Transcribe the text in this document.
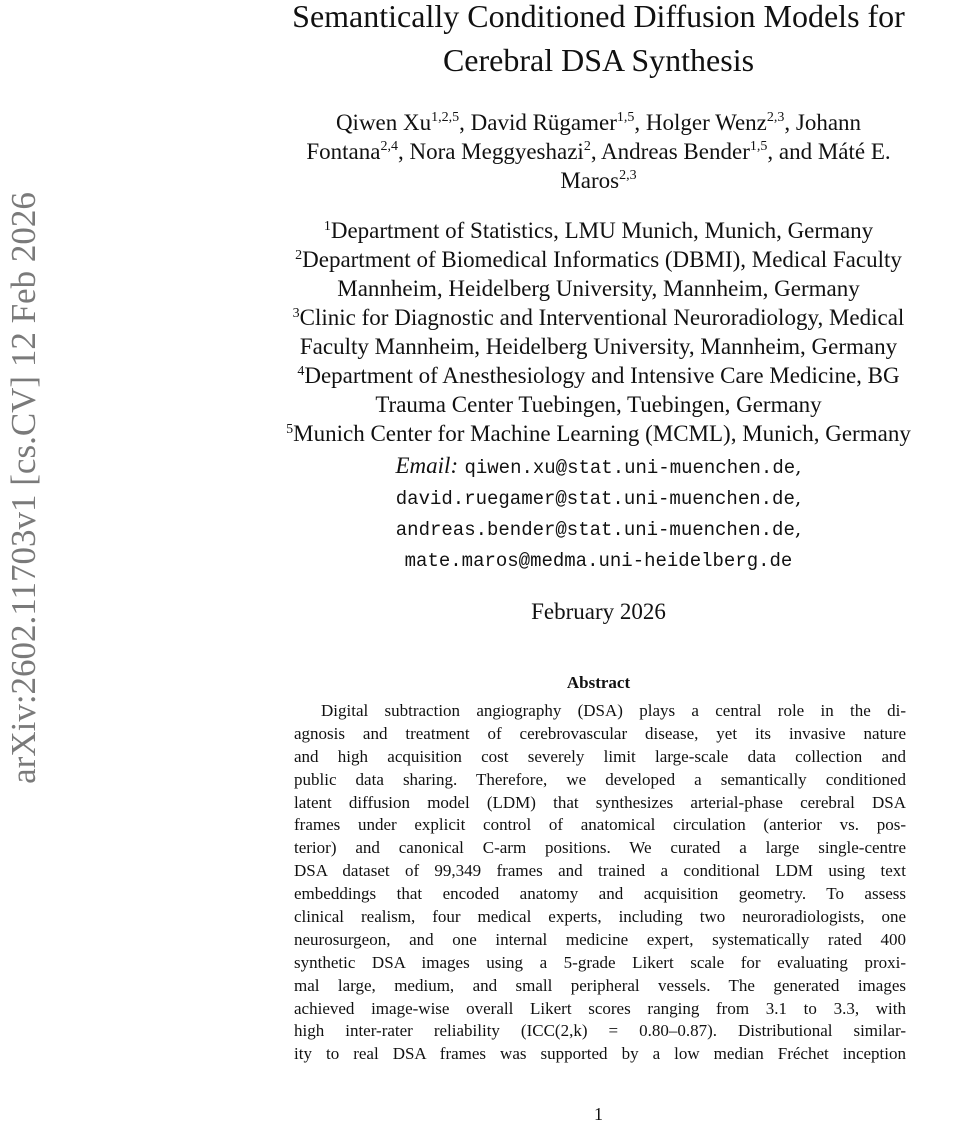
arXiv:2602.11703v1 [cs.CV] 12 Feb 2026
Semantically Conditioned Diffusion Models for
Cerebral DSA Synthesis
Qiwen Xu$^{1,2,5}$, David Rügamer$^{1,5}$, Holger Wenz$^{2,3}$, Johann
Fontana$^{2,4}$, Nora Meggyeshazi$^2$, Andreas Bender$^{1,5}$, and Máté E.
Maros$^{2,3}$
$^1$Department of Statistics, LMU Munich, Munich, Germany
$^2$Department of Biomedical Informatics (DBMI), Medical Faculty
Mannheim, Heidelberg University, Mannheim, Germany
$^3$Clinic for Diagnostic and Interventional Neuroradiology, Medical
Faculty Mannheim, Heidelberg University, Mannheim, Germany
$^4$Department of Anesthesiology and Intensive Care Medicine, BG
Trauma Center Tuebingen, Tuebingen, Germany
$^5$Munich Center for Machine Learning (MCML), Munich, Germany
Email: qiwen.xu@stat.uni-muenchen.de,
david.ruegamer@stat.uni-muenchen.de,
andreas.bender@stat.uni-muenchen.de,
mate.maros@medma.uni-heidelberg.de
February 2026
Abstract
Digital subtraction angiography (DSA) plays a central role in the di-
agnosis and treatment of cerebrovascular disease, yet its invasive nature
and high acquisition cost severely limit large-scale data collection and
public data sharing. Therefore, we developed a semantically conditioned
latent diffusion model (LDM) that synthesizes arterial-phase cerebral DSA
frames under explicit control of anatomical circulation (anterior vs. pos-
terior) and canonical C-arm positions. We curated a large single-centre
DSA dataset of 99,349 frames and trained a conditional LDM using text
embeddings that encoded anatomy and acquisition geometry. To assess
clinical realism, four medical experts, including two neuroradiologists, one
neurosurgeon, and one internal medicine expert, systematically rated 400
synthetic DSA images using a 5-grade Likert scale for evaluating proxi-
mal large, medium, and small peripheral vessels. The generated images
achieved image-wise overall Likert scores ranging from 3.1 to 3.3, with
high inter-rater reliability (ICC(2,k) = 0.80–0.87). Distributional similar-
ity to real DSA frames was supported by a low median Fréchet inception
1
